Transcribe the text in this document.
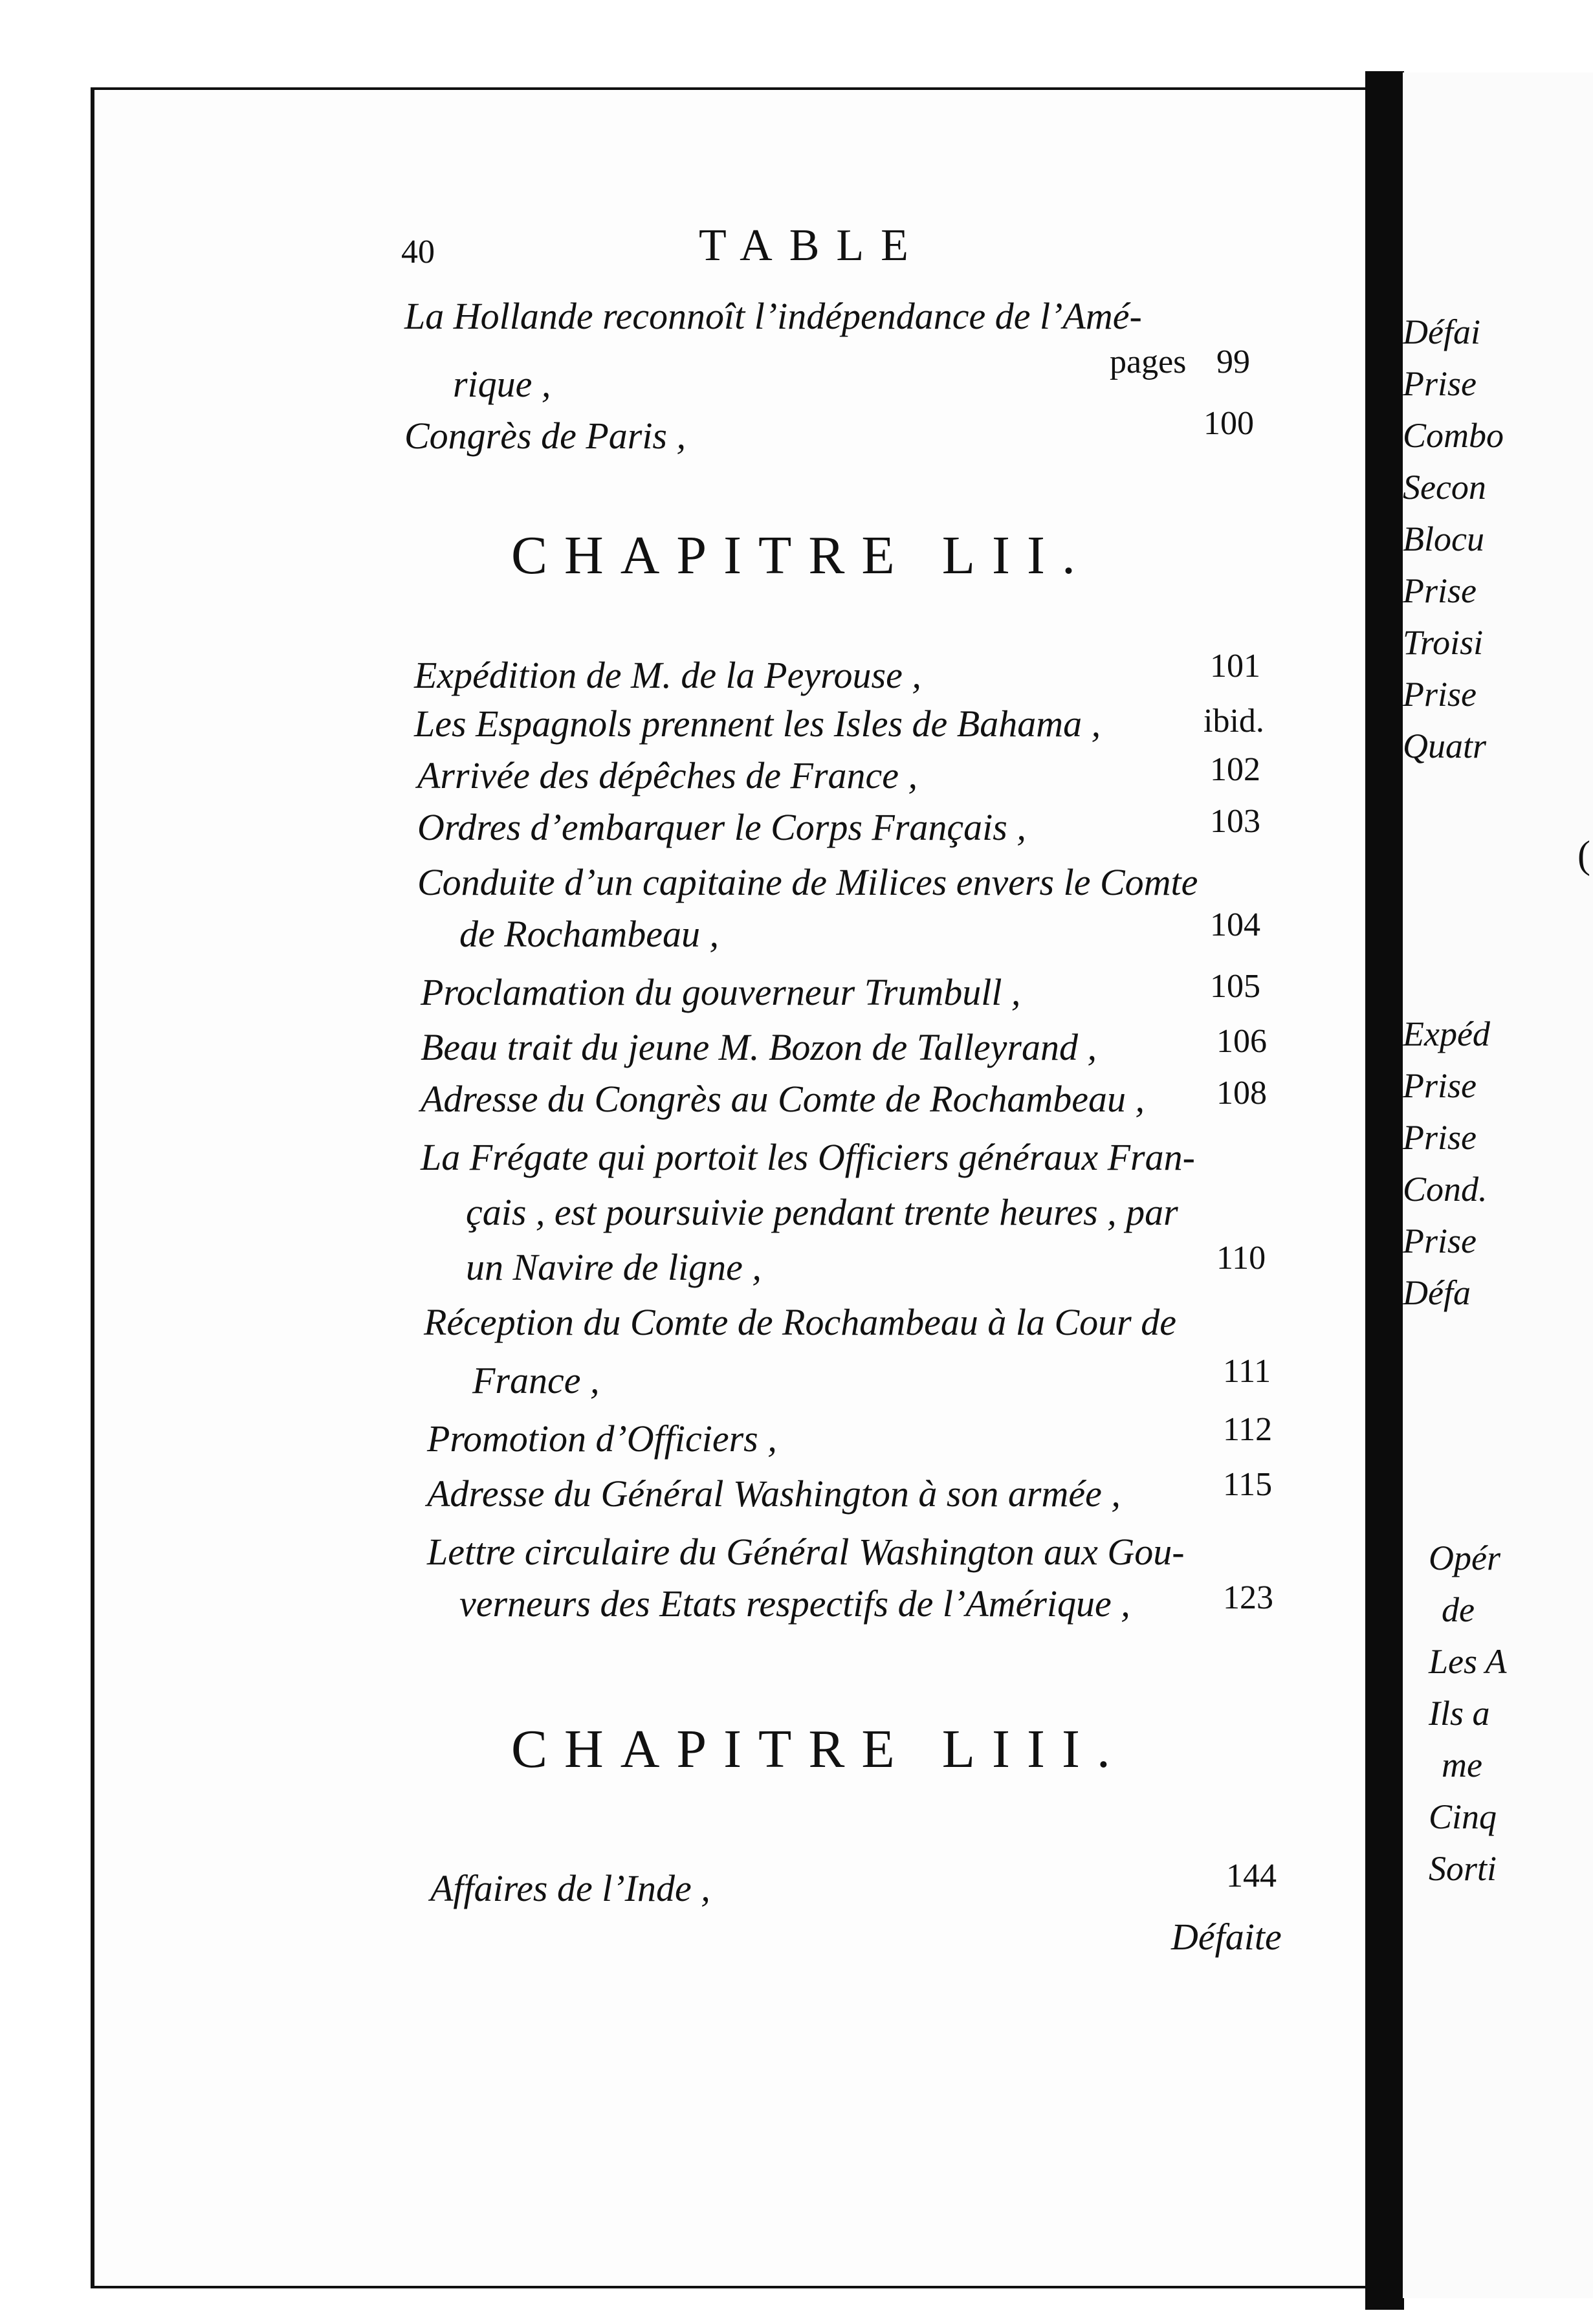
40	TABLE
La Hollande reconnoît l’indépendance de l’Amé-
rique ,
pages 99
Congrès de Paris ,	100
CHAPITRE LII.
Expédition de M. de la Peyrouse ,	101
Les Espagnols prennent les Isles de Bahama ,	ibid.
Arrivée des dépêches de France ,	102
Ordres d’embarquer le Corps Français ,	103
Conduite d’un capitaine de Milices envers le Comte
de Rochambeau ,	104
Proclamation du gouverneur Trumbull ,	105
Beau trait du jeune M. Bozon de Talleyrand ,	106
Adresse du Congrès au Comte de Rochambeau , 108
La Frégate qui portoit les Officiers généraux Fran-
çais , est poursuivie pendant trente heures , par
un Navire de ligne ,	110
Réception du Comte de Rochambeau à la Cour de
France ,	111
Promotion d’Officiers ,	112
Adresse du Général Washington à son armée ,	115
Lettre circulaire du Général Washington aux Gou-
verneurs des Etats respectifs de l’Amérique ,	123
CHAPITRE LIII.
Affaires de l’Inde ,	144
Défaite
Défai
Prise
Combo
Secon
Blocu
Prise
Troisi
Prise
Quatr
(
Expéd
Prise
Prise
Cond.
Prise
Défa
Opér
de
Les A
Ils a
me
Cinq
Sorti
